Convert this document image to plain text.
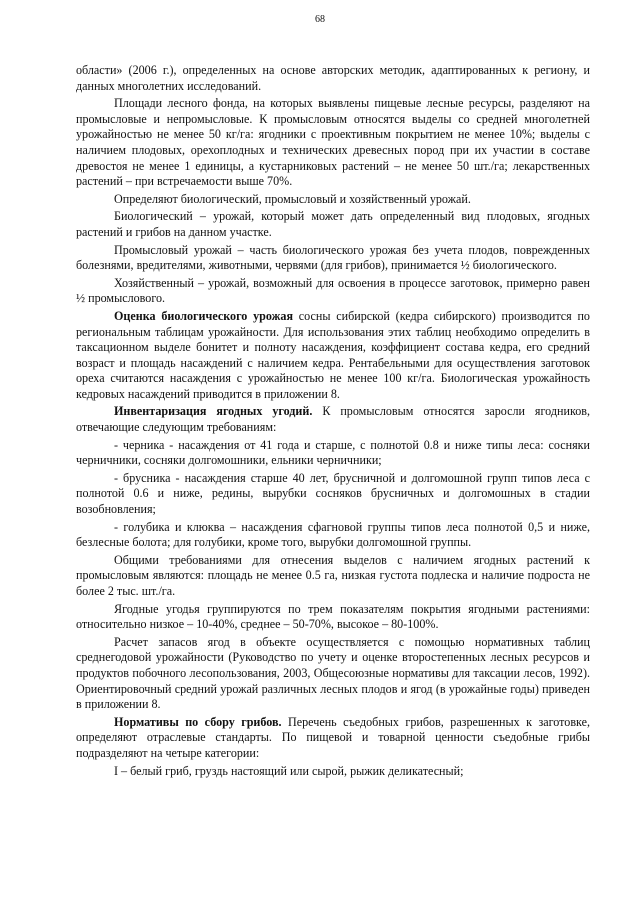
68

области» (2006 г.), определенных на основе авторских методик, адаптированных к региону, и данных многолетних исследований.

Площади лесного фонда, на которых выявлены пищевые лесные ресурсы, разделяют на промысловые и непромысловые. К промысловым относятся выделы со средней многолетней урожайностью не менее 50 кг/га: ягодники с проективным покрытием не менее 10%; выделы с наличием плодовых, орехоплодных и технических древесных пород при их участии в составе древостоя не менее 1 единицы, а кустарниковых растений – не менее 50 шт./га; лекарственных растений – при встречаемости выше 70%.

Определяют биологический, промысловый и хозяйственный урожай.

Биологический – урожай, который может дать определенный вид плодовых, ягодных растений и грибов на данном участке.

Промысловый урожай – часть биологического урожая без учета плодов, поврежденных болезнями, вредителями, животными, червями (для грибов), принимается ½ биологического.

Хозяйственный – урожай, возможный для освоения в процессе заготовок, примерно равен ½ промыслового.

Оценка биологического урожая сосны сибирской (кедра сибирского) производится по региональным таблицам урожайности. Для использования этих таблиц необходимо определить в таксационном выделе бонитет и полноту насаждения, коэффициент состава кедра, его средний возраст и площадь насаждений с наличием кедра. Рентабельными для осуществления заготовок ореха считаются насаждения с урожайностью не менее 100 кг/га. Биологическая урожайность кедровых насаждений приводится в приложении 8.

Инвентаризация ягодных угодий. К промысловым относятся заросли ягодников, отвечающие следующим требованиям:

- черника - насаждения от 41 года и старше, с полнотой 0.8 и ниже типы леса: сосняки черничники, сосняки долгомошники, ельники черничники;

- брусника - насаждения старше 40 лет, брусничной и долгомошной групп типов леса с полнотой 0.6 и ниже, редины, вырубки сосняков брусничных и долгомошных в стадии возобновления;

- голубика и клюква – насаждения сфагновой группы типов леса полнотой 0,5 и ниже, безлесные болота; для голубики, кроме того, вырубки долгомошной группы.

Общими требованиями для отнесения выделов с наличием ягодных растений к промысловым являются: площадь не менее 0.5 га, низкая густота подлеска и наличие подроста не более 2 тыс. шт./га.

Ягодные угодья группируются по трем показателям покрытия ягодными растениями: относительно низкое – 10-40%, среднее – 50-70%, высокое – 80-100%.

Расчет запасов ягод в объекте осуществляется с помощью нормативных таблиц среднегодовой урожайности (Руководство по учету и оценке второстепенных лесных ресурсов и продуктов побочного лесопользования, 2003, Общесоюзные нормативы для таксации лесов, 1992). Ориентировочный средний урожай различных лесных плодов и ягод (в урожайные годы) приведен в приложении 8.

Нормативы по сбору грибов. Перечень съедобных грибов, разрешенных к заготовке, определяют отраслевые стандарты. По пищевой и товарной ценности съедобные грибы подразделяют на четыре категории:

I – белый гриб, груздь настоящий или сырой, рыжик деликатесный;
